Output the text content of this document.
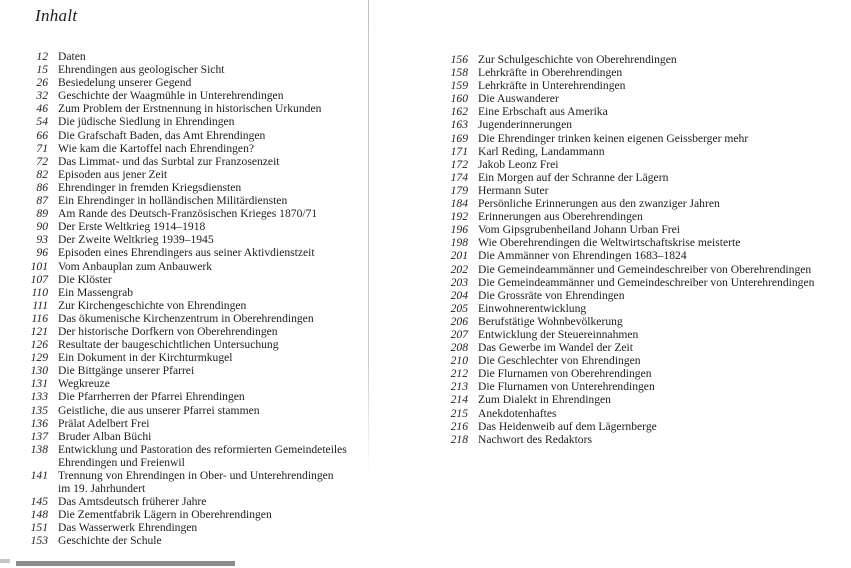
Inhalt
12 Daten
15 Ehrendingen aus geologischer Sicht
26 Besiedelung unserer Gegend
32 Geschichte der Waagmühle in Unterehrendingen
46 Zum Problem der Erstnennung in historischen Urkunden
54 Die jüdische Siedlung in Ehrendingen
66 Die Grafschaft Baden, das Amt Ehrendingen
71 Wie kam die Kartoffel nach Ehrendingen?
72 Das Limmat- und das Surbtal zur Franzosenzeit
82 Episoden aus jener Zeit
86 Ehrendinger in fremden Kriegsdiensten
87 Ein Ehrendinger in holländischen Militärdiensten
89 Am Rande des Deutsch-Französischen Krieges 1870/71
90 Der Erste Weltkrieg 1914–1918
93 Der Zweite Weltkrieg 1939–1945
96 Episoden eines Ehrendingers aus seiner Aktivdienstzeit
101 Vom Anbauplan zum Anbauwerk
107 Die Klöster
110 Ein Massengrab
111 Zur Kirchengeschichte von Ehrendingen
116 Das ökumenische Kirchenzentrum in Oberehrendingen
121 Der historische Dorfkern von Oberehrendingen
126 Resultate der baugeschichtlichen Untersuchung
129 Ein Dokument in der Kirchturmkugel
130 Die Bittgänge unserer Pfarrei
131 Wegkreuze
133 Die Pfarrherren der Pfarrei Ehrendingen
135 Geistliche, die aus unserer Pfarrei stammen
136 Prälat Adelbert Frei
137 Bruder Alban Büchi
138 Entwicklung und Pastoration des reformierten Gemeindeteiles
Ehrendingen und Freienwil
141 Trennung von Ehrendingen in Ober- und Unterehrendingen
im 19. Jahrhundert
145 Das Amtsdeutsch früherer Jahre
148 Die Zementfabrik Lägern in Oberehrendingen
151 Das Wasserwerk Ehrendingen
153 Geschichte der Schule
156 Zur Schulgeschichte von Oberehrendingen
158 Lehrkräfte in Oberehrendingen
159 Lehrkräfte in Unterehrendingen
160 Die Auswanderer
162 Eine Erbschaft aus Amerika
163 Jugenderinnerungen
169 Die Ehrendinger trinken keinen eigenen Geissberger mehr
171 Karl Reding, Landammann
172 Jakob Leonz Frei
174 Ein Morgen auf der Schranne der Lägern
179 Hermann Suter
184 Persönliche Erinnerungen aus den zwanziger Jahren
192 Erinnerungen aus Oberehrendingen
196 Vom Gipsgrubenheiland Johann Urban Frei
198 Wie Oberehrendingen die Weltwirtschaftskrise meisterte
201 Die Ammänner von Ehrendingen 1683–1824
202 Die Gemeindeammänner und Gemeindeschreiber von Oberehrendingen
203 Die Gemeindeammänner und Gemeindeschreiber von Unterehrendingen
204 Die Grossräte von Ehrendingen
205 Einwohnerentwicklung
206 Berufstätige Wohnbevölkerung
207 Entwicklung der Steuereinnahmen
208 Das Gewerbe im Wandel der Zeit
210 Die Geschlechter von Ehrendingen
212 Die Flurnamen von Oberehrendingen
213 Die Flurnamen von Unterehrendingen
214 Zum Dialekt in Ehrendingen
215 Anekdotenhaftes
216 Das Heidenweib auf dem Lägernberge
218 Nachwort des Redaktors
